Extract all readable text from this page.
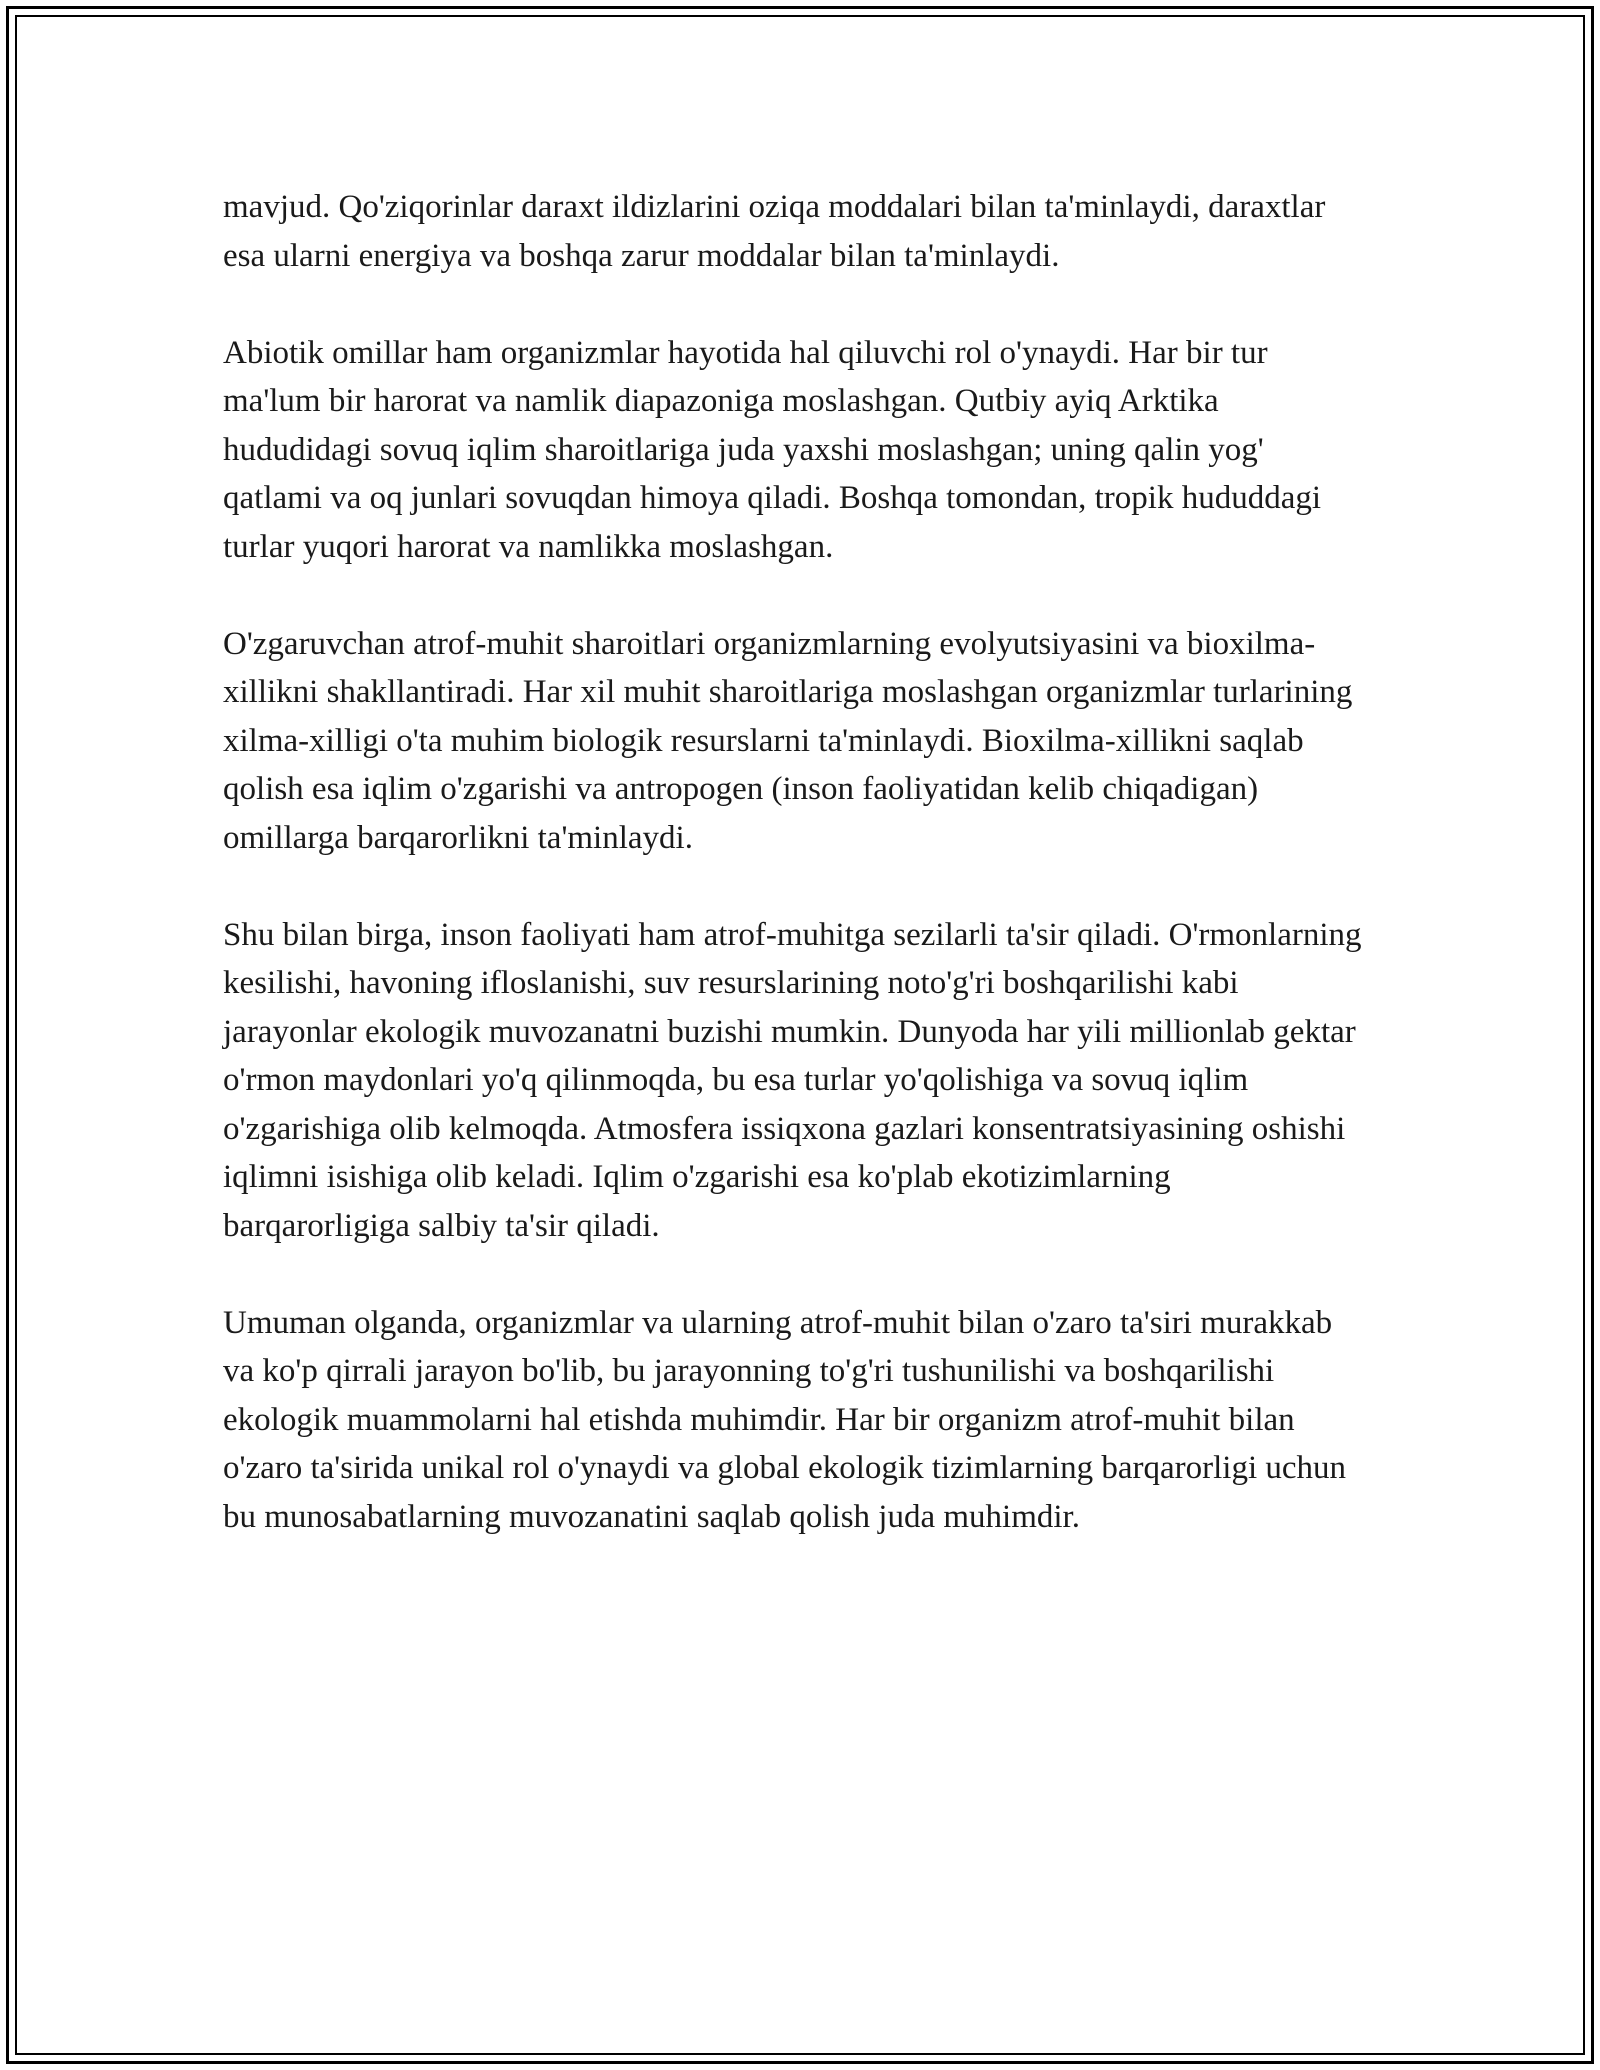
mavjud. Qo'ziqorinlar daraxt ildizlarini oziqa moddalari bilan ta'minlaydi, daraxtlar esa ularni energiya va boshqa zarur moddalar bilan ta'minlaydi.

Abiotik omillar ham organizmlar hayotida hal qiluvchi rol o'ynaydi. Har bir tur ma'lum bir harorat va namlik diapazoniga moslashgan. Qutbiy ayiq Arktika hududidagi sovuq iqlim sharoitlariga juda yaxshi moslashgan; uning qalin yog' qatlami va oq junlari sovuqdan himoya qiladi. Boshqa tomondan, tropik hududdagi turlar yuqori harorat va namlikka moslashgan.

O'zgaruvchan atrof-muhit sharoitlari organizmlarning evolyutsiyasini va bioxilma-xillikni shakllantiradi. Har xil muhit sharoitlariga moslashgan organizmlar turlarining xilma-xilligi o'ta muhim biologik resurslarni ta'minlaydi. Bioxilma-xillikni saqlab qolish esa iqlim o'zgarishi va antropogen (inson faoliyatidan kelib chiqadigan) omillarga barqarorlikni ta'minlaydi.

Shu bilan birga, inson faoliyati ham atrof-muhitga sezilarli ta'sir qiladi. O'rmonlarning kesilishi, havoning ifloslanishi, suv resurslarining noto'g'ri boshqarilishi kabi jarayonlar ekologik muvozanatni buzishi mumkin. Dunyoda har yili millionlab gektar o'rmon maydonlari yo'q qilinmoqda, bu esa turlar yo'qolishiga va sovuq iqlim o'zgarishiga olib kelmoqda. Atmosfera issiqxona gazlari konsentratsiyasining oshishi iqlimni isishiga olib keladi. Iqlim o'zgarishi esa ko'plab ekotizimlarning barqarorligiga salbiy ta'sir qiladi.

Umuman olganda, organizmlar va ularning atrof-muhit bilan o'zaro ta'siri murakkab va ko'p qirrali jarayon bo'lib, bu jarayonning to'g'ri tushunilishi va boshqarilishi ekologik muammolarni hal etishda muhimdir. Har bir organizm atrof-muhit bilan o'zaro ta'sirida unikal rol o'ynaydi va global ekologik tizimlarning barqarorligi uchun bu munosabatlarning muvozanatini saqlab qolish juda muhimdir.
